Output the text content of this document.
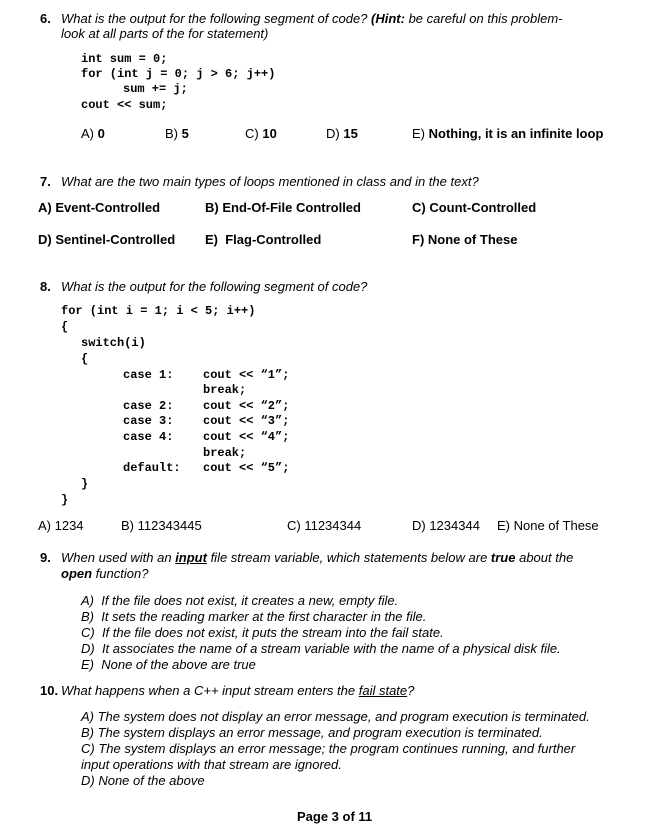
6. What is the output for the following segment of code? (Hint: be careful on this problem-
look at all parts of the for statement)
int sum = 0;
for (int j = 0; j > 6; j++)
sum += j;
cout << sum;
A) 0	B) 5	C) 10	D) 15	E) Nothing, it is an infinite loop
7. What are the two main types of loops mentioned in class and in the text?
A) Event-Controlled	B) End-Of-File Controlled	C) Count-Controlled
D) Sentinel-Controlled E)  Flag-Controlled	F) None of These
8. What is the output for the following segment of code?
for (int i = 1; i < 5; i++)
{
switch(i)
{
case 1: cout << “1”;
break;
case 2: cout << “2”;
case 3: cout << “3”;
case 4: cout << “4”;
break;
default: cout << “5”;
}
}
A) 1234	B) 112343445	C) 11234344	D) 1234344 E) None of These
9. When used with an input file stream variable, which statements below are true about the
open function?
A)  If the file does not exist, it creates a new, empty file.
B)  It sets the reading marker at the first character in the file.
C)  If the file does not exist, it puts the stream into the fail state.
D)  It associates the name of a stream variable with the name of a physical disk file.
E)  None of the above are true
10. What happens when a C++ input stream enters the fail state?
A) The system does not display an error message, and program execution is terminated.
B) The system displays an error message, and program execution is terminated.
C) The system displays an error message; the program continues running, and further
input operations with that stream are ignored.
D) None of the above
Page 3 of 11
